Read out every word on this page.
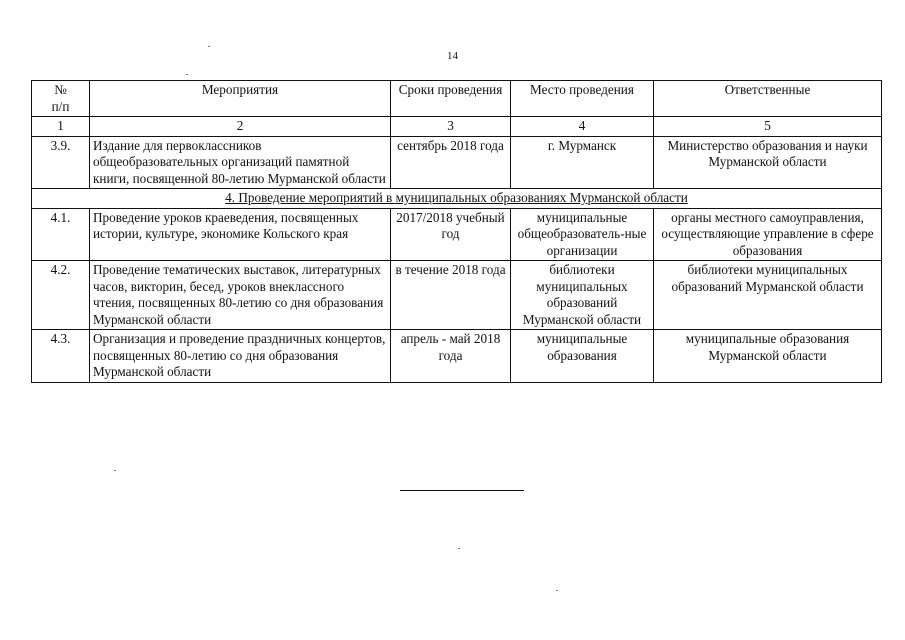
14
№
п/п	Мероприятия	Сроки проведения	Место проведения	Ответственные
1	2	3	4	5
3.9.	Издание для первоклассников общеобразовательных организаций памятной книги, посвященной 80-летию Мурманской области	сентябрь 2018 года	г. Мурманск	Министерство образования и науки Мурманской области
4. Проведение мероприятий в муниципальных образованиях Мурманской области				
4.1.	Проведение уроков краеведения, посвященных истории, культуре, экономике Кольского края	2017/2018 учебный год	муниципальные общеобразователь-ные организации	органы местного самоуправления, осуществляющие управление в сфере образования
4.2.	Проведение тематических выставок, литературных часов, викторин, бесед, уроков внеклассного чтения, посвященных 80-летию со дня образования Мурманской области	в течение 2018 года	библиотеки муниципальных образований Мурманской области	библиотеки муниципальных образований Мурманской области
4.3.	Организация и проведение праздничных концертов, посвященных 80-летию со дня образования Мурманской области	апрель - май 2018 года	муниципальные образования	муниципальные образования Мурманской области
